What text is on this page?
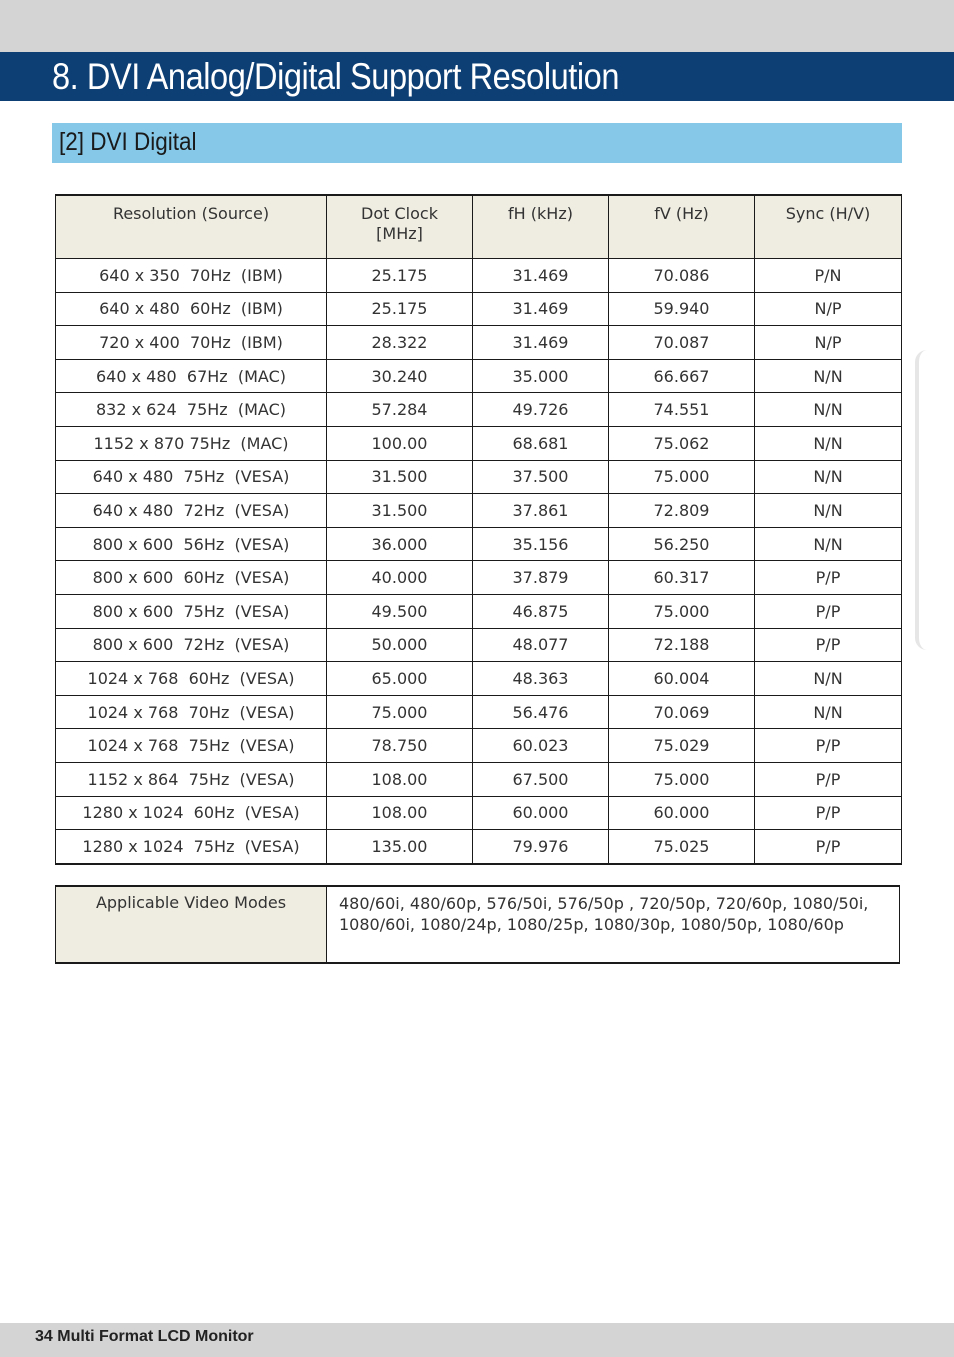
8. DVI Analog/Digital Support Resolution
[2] DVI Digital
Resolution (Source)	Dot Clock [MHz]	fH (kHz)	fV (Hz)	Sync (H/V)
640 x 350  70Hz  (IBM)	25.175	31.469	70.086	P/N
640 x 480  60Hz  (IBM)	25.175	31.469	59.940	N/P
720 x 400  70Hz  (IBM)	28.322	31.469	70.087	N/P
640 x 480  67Hz  (MAC)	30.240	35.000	66.667	N/N
832 x 624  75Hz  (MAC)	57.284	49.726	74.551	N/N
1152 x 870 75Hz  (MAC)	100.00	68.681	75.062	N/N
640 x 480  75Hz  (VESA)	31.500	37.500	75.000	N/N
640 x 480  72Hz  (VESA)	31.500	37.861	72.809	N/N
800 x 600  56Hz  (VESA)	36.000	35.156	56.250	N/N
800 x 600  60Hz  (VESA)	40.000	37.879	60.317	P/P
800 x 600  75Hz  (VESA)	49.500	46.875	75.000	P/P
800 x 600  72Hz  (VESA)	50.000	48.077	72.188	P/P
1024 x 768  60Hz  (VESA)	65.000	48.363	60.004	N/N
1024 x 768  70Hz  (VESA)	75.000	56.476	70.069	N/N
1024 x 768  75Hz  (VESA)	78.750	60.023	75.029	P/P
1152 x 864  75Hz  (VESA)	108.00	67.500	75.000	P/P
1280 x 1024  60Hz  (VESA)	108.00	60.000	60.000	P/P
1280 x 1024  75Hz  (VESA)	135.00	79.976	75.025	P/P
Applicable Video Modes	480/60i, 480/60p, 576/50i, 576/50p , 720/50p, 720/60p, 1080/50i, 1080/60i, 1080/24p, 1080/25p, 1080/30p, 1080/50p, 1080/60p
34 Multi Format LCD Monitor
